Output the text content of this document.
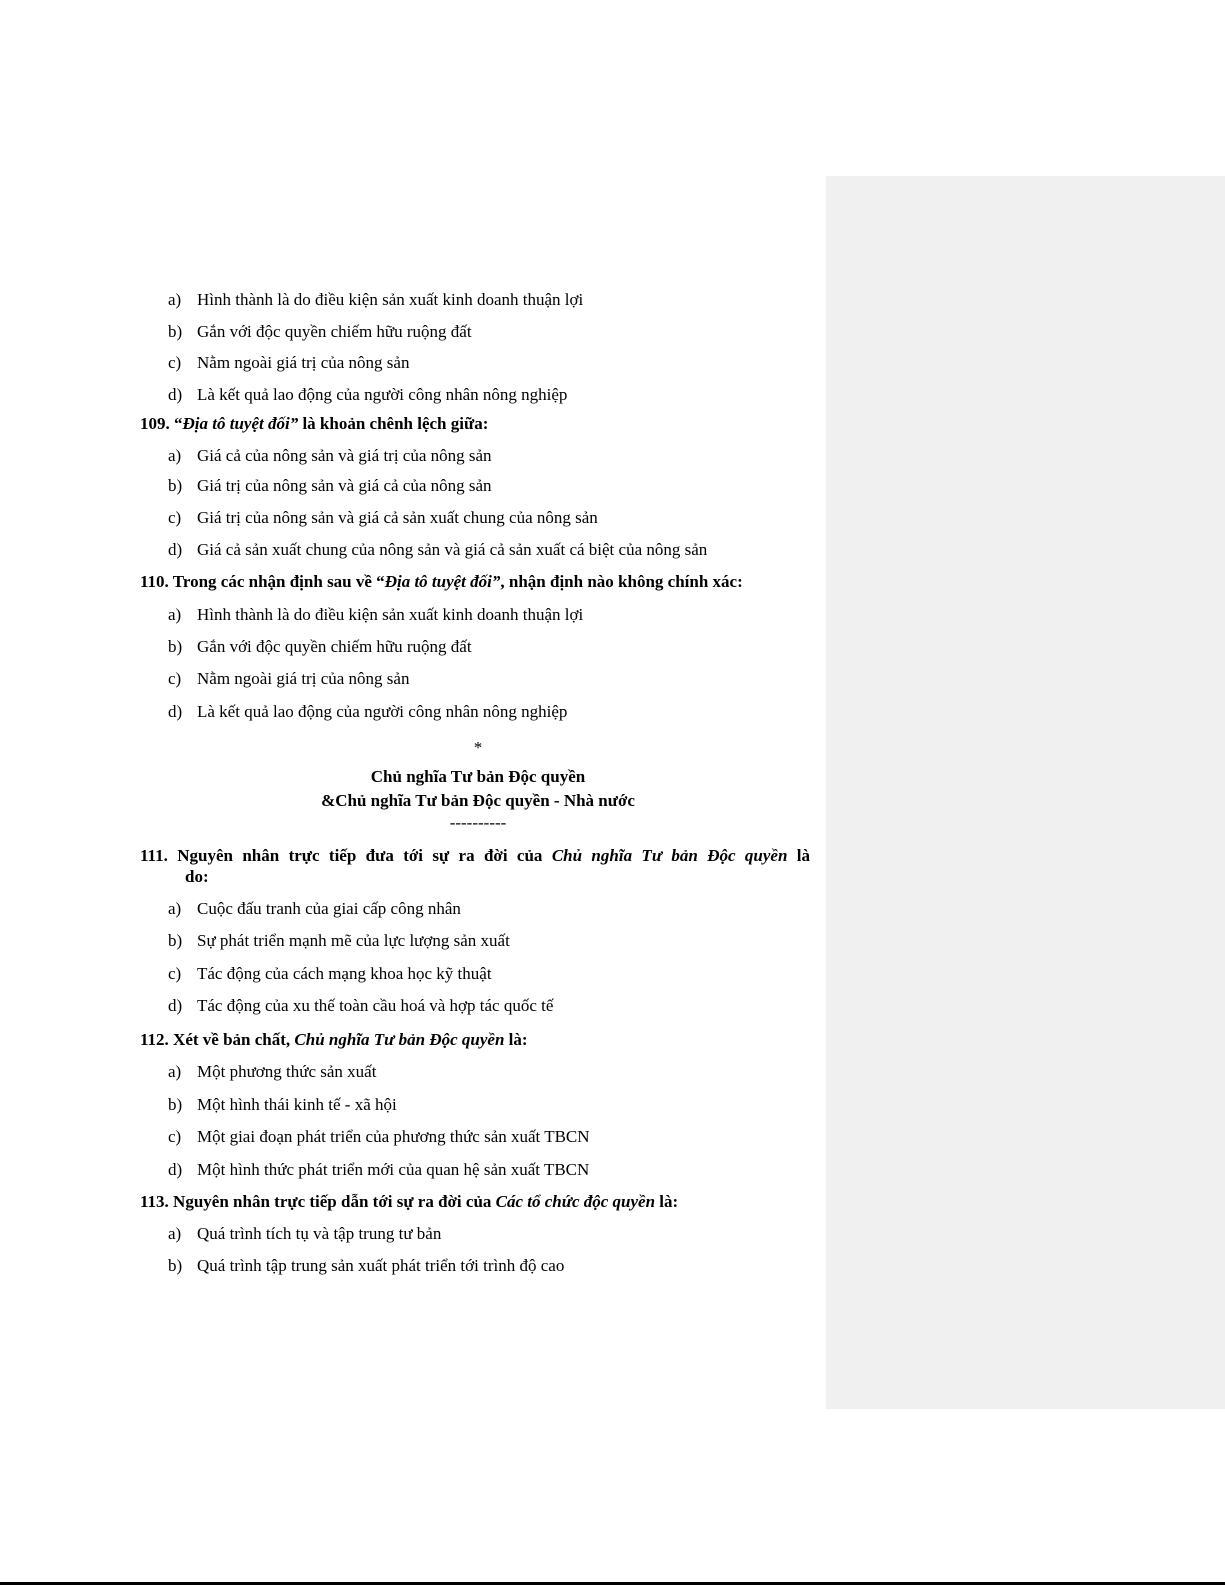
a) Hình thành là do điều kiện sản xuất kinh doanh thuận lợi
b) Gắn với độc quyền chiếm hữu ruộng đất
c) Nằm ngoài giá trị của nông sản
d) Là kết quả lao động của người công nhân nông nghiệp
109. “Địa tô tuyệt đối” là khoản chênh lệch giữa:
a) Giá cả của nông sản và giá trị của nông sản
b) Giá trị của nông sản và giá cả của nông sản
c) Giá trị của nông sản và giá cả sản xuất chung của nông sản
d) Giá cả sản xuất chung của nông sản và giá cả sản xuất cá biệt của nông sản
110. Trong các nhận định sau về “Địa tô tuyệt đối”, nhận định nào không chính xác:
a) Hình thành là do điều kiện sản xuất kinh doanh thuận lợi
b) Gắn với độc quyền chiếm hữu ruộng đất
c) Nằm ngoài giá trị của nông sản
d) Là kết quả lao động của người công nhân nông nghiệp
*
Chủ nghĩa Tư bản Độc quyền
&Chủ nghĩa Tư bản Độc quyền - Nhà nước
----------
111. Nguyên nhân trực tiếp đưa tới sự ra đời của Chủ nghĩa Tư bản Độc quyền là
do:
a) Cuộc đấu tranh của giai cấp công nhân
b) Sự phát triển mạnh mẽ của lực lượng sản xuất
c) Tác động của cách mạng khoa học kỹ thuật
d) Tác động của xu thế toàn cầu hoá và hợp tác quốc tế
112. Xét về bản chất, Chủ nghĩa Tư bản Độc quyền là:
a) Một phương thức sản xuất
b) Một hình thái kinh tế - xã hội
c) Một giai đoạn phát triển của phương thức sản xuất TBCN
d) Một hình thức phát triển mới của quan hệ sản xuất TBCN
113. Nguyên nhân trực tiếp dẫn tới sự ra đời của Các tổ chức độc quyền là:
a) Quá trình tích tụ và tập trung tư bản
b) Quá trình tập trung sản xuất phát triển tới trình độ cao
